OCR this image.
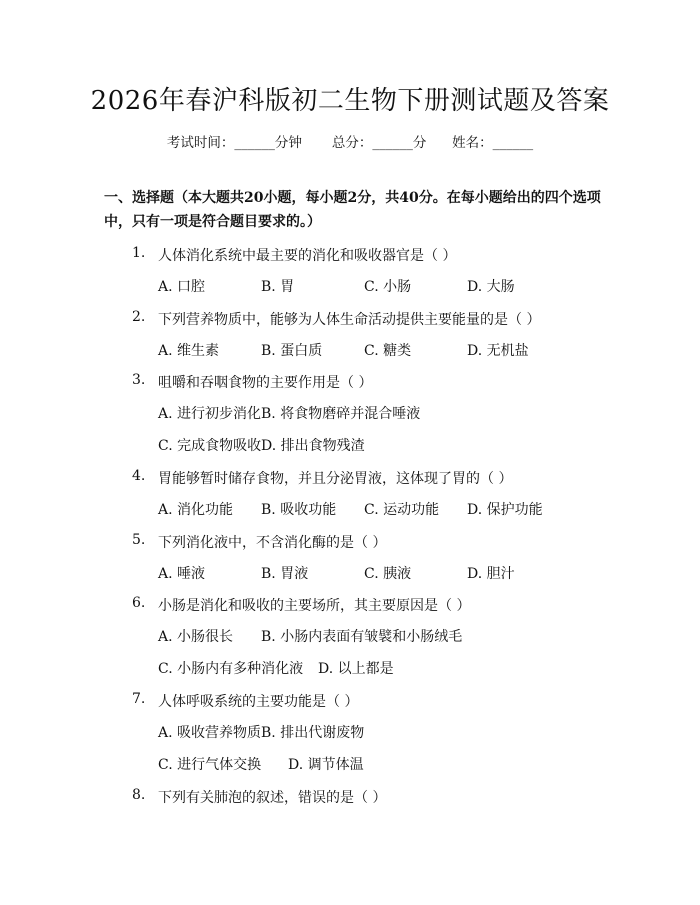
2026年春沪科版初二生物下册测试题及答案
考试时间：______分钟 总分：______分 姓名：______
一、选择题（本大题共20小题，每小题2分，共40分。在每小题给出的四个选项中，只有一项是符合题目要求的。）
1. 人体消化系统中最主要的消化和吸收器官是（ ）
A. 口腔	B. 胃	C. 小肠	D. 大肠
2. 下列营养物质中，能够为人体生命活动提供主要能量的是（ ）
A. 维生素	B. 蛋白质	C. 糖类	D. 无机盐
3. 咀嚼和吞咽食物的主要作用是（ ）
A. 进行初步消化 B. 将食物磨碎并混合唾液
C. 完成食物吸收 D. 排出食物残渣
4. 胃能够暂时储存食物，并且分泌胃液，这体现了胃的（ ）
A. 消化功能 B. 吸收功能 C. 运动功能 D. 保护功能
5. 下列消化液中，不含消化酶的是（ ）
A. 唾液	B. 胃液	C. 胰液	D. 胆汁
6. 小肠是消化和吸收的主要场所，其主要原因是（ ）
A. 小肠很长 B. 小肠内表面有皱襞和小肠绒毛
C. 小肠内有多种消化液 D. 以上都是
7. 人体呼吸系统的主要功能是（ ）
A. 吸收营养物质 B. 排出代谢废物
C. 进行气体交换 D. 调节体温
8. 下列有关肺泡的叙述，错误的是（ ）
